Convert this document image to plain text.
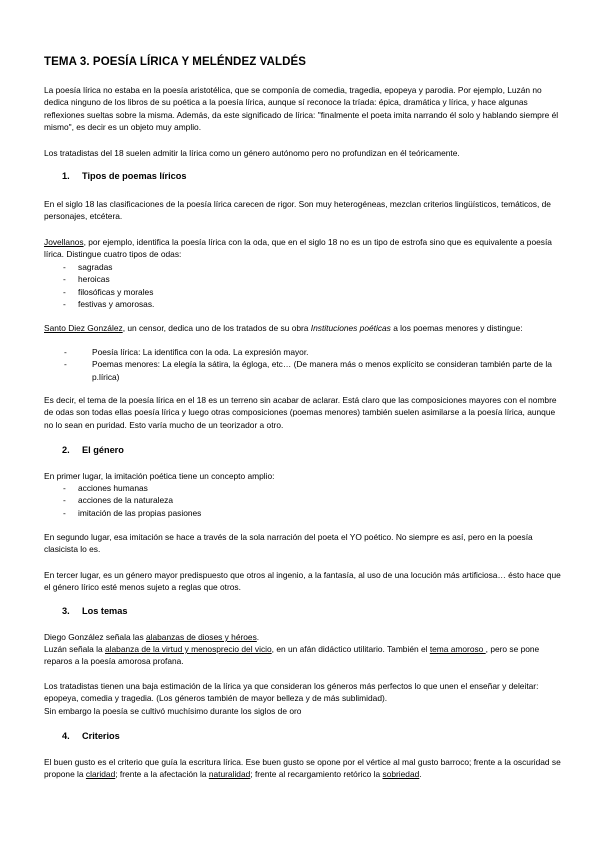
TEMA 3. POESÍA LÍRICA Y MELÉNDEZ VALDÉS
La poesía lírica no estaba en la poesía aristotélica, que se componía de comedia, tragedia, epopeya y parodia. Por ejemplo, Luzán no dedica ninguno de los libros de su poética a la poesía lírica, aunque sí reconoce la tríada: épica, dramática y lírica, y hace algunas reflexiones sueltas sobre la misma. Además, da este significado de lírica: "finalmente el poeta imita narrando él solo y hablando siempre él mismo", es decir es un objeto muy amplio.
Los tratadistas del 18 suelen admitir la lírica como un género autónomo pero no profundizan en él teóricamente.
1. Tipos de poemas líricos
En el siglo 18 las clasificaciones de la poesía lírica carecen de rigor. Son muy heterogéneas, mezclan criterios lingüísticos, temáticos, de personajes, etcétera.
Jovellanos, por ejemplo, identifica la poesía lírica con la oda, que en el siglo 18 no es un tipo de estrofa sino que es equivalente a poesía lírica. Distingue cuatro tipos de odas:
- sagradas
- heroicas
- filosóficas y morales
- festivas y amorosas.
Santo Diez González, un censor, dedica uno de los tratados de su obra Instituciones poéticas a los poemas menores y distingue:
- Poesía lírica: La identifica con la oda. La expresión mayor.
- Poemas menores: La elegía la sátira, la égloga, etc… (De manera más o menos explícito se consideran también parte de la p.lírica)
Es decir, el tema de la poesía lírica en el 18 es un terreno sin acabar de aclarar. Está claro que las composiciones mayores con el nombre de odas son todas ellas poesía lírica y luego otras composiciones (poemas menores) también suelen asimilarse a la poesía lírica, aunque no lo sean en puridad. Esto varía mucho de un teorizador a otro.
2. El género
En primer lugar, la imitación poética tiene un concepto amplio:
- acciones humanas
- acciones de la naturaleza
- imitación de las propias pasiones
En segundo lugar, esa imitación se hace a través de la sola narración del poeta el YO poético. No siempre es así, pero en la poesía clasicista lo es.
En tercer lugar, es un género mayor predispuesto que otros al ingenio, a la fantasía, al uso de una locución más artificiosa… ésto hace que el género lírico esté menos sujeto a reglas que otros.
3. Los temas
Diego González señala las alabanzas de dioses y héroes.
Luzán señala la alabanza de la virtud y menosprecio del vicio, en un afán didáctico utilitario. También el tema amoroso , pero se pone reparos a la poesía amorosa profana.
Los tratadistas tienen una baja estimación de la lírica ya que consideran los géneros más perfectos lo que unen el enseñar y deleitar: epopeya, comedia y tragedia. (Los géneros también de mayor belleza y de más sublimidad).
Sin embargo la poesía se cultivó muchísimo durante los siglos de oro
4. Criterios
El buen gusto es el criterio que guía la escritura lírica. Ese buen gusto se opone por el vértice al mal gusto barroco; frente a la oscuridad se propone la claridad; frente a la afectación la naturalidad; frente al recargamiento retórico la sobriedad.
